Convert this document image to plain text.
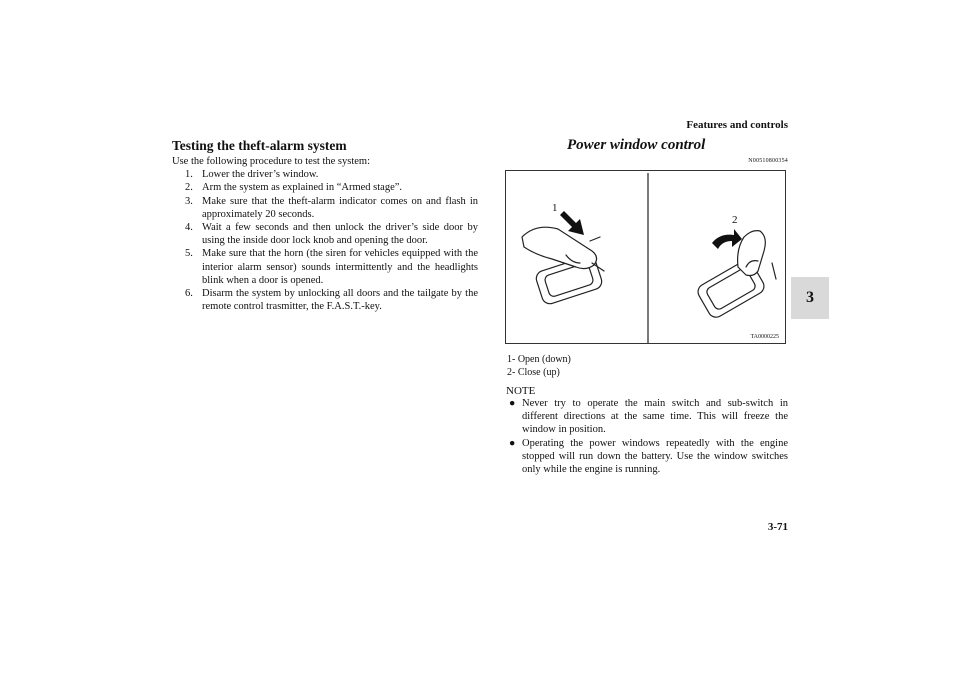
Features and controls
3
3-71
Testing the theft-alarm system

Use the following procedure to test the system:

1. Lower the driver’s window.
2. Arm the system as explained in “Armed stage”.
3. Make sure that the theft-alarm indicator comes on and flash in approximately 20 seconds.
4. Wait a few seconds and then unlock the driver’s side door by using the inside door lock knob and opening the door.
5. Make sure that the horn (the siren for vehicles equipped with the interior alarm sensor) sounds intermittently and the headlights blink when a door is opened.
6. Disarm the system by unlocking all doors and the tailgate by the remote control trasmitter, the F.A.S.T.-key.
Power window control
N00510800354
1
2
TA0000225
1- Open (down)
2- Close (up)
NOTE
● Never try to operate the main switch and sub-switch in different directions at the same time. This will freeze the window in position.
● Operating the power windows repeatedly with the engine stopped will run down the battery. Use the window switches only while the engine is running.
